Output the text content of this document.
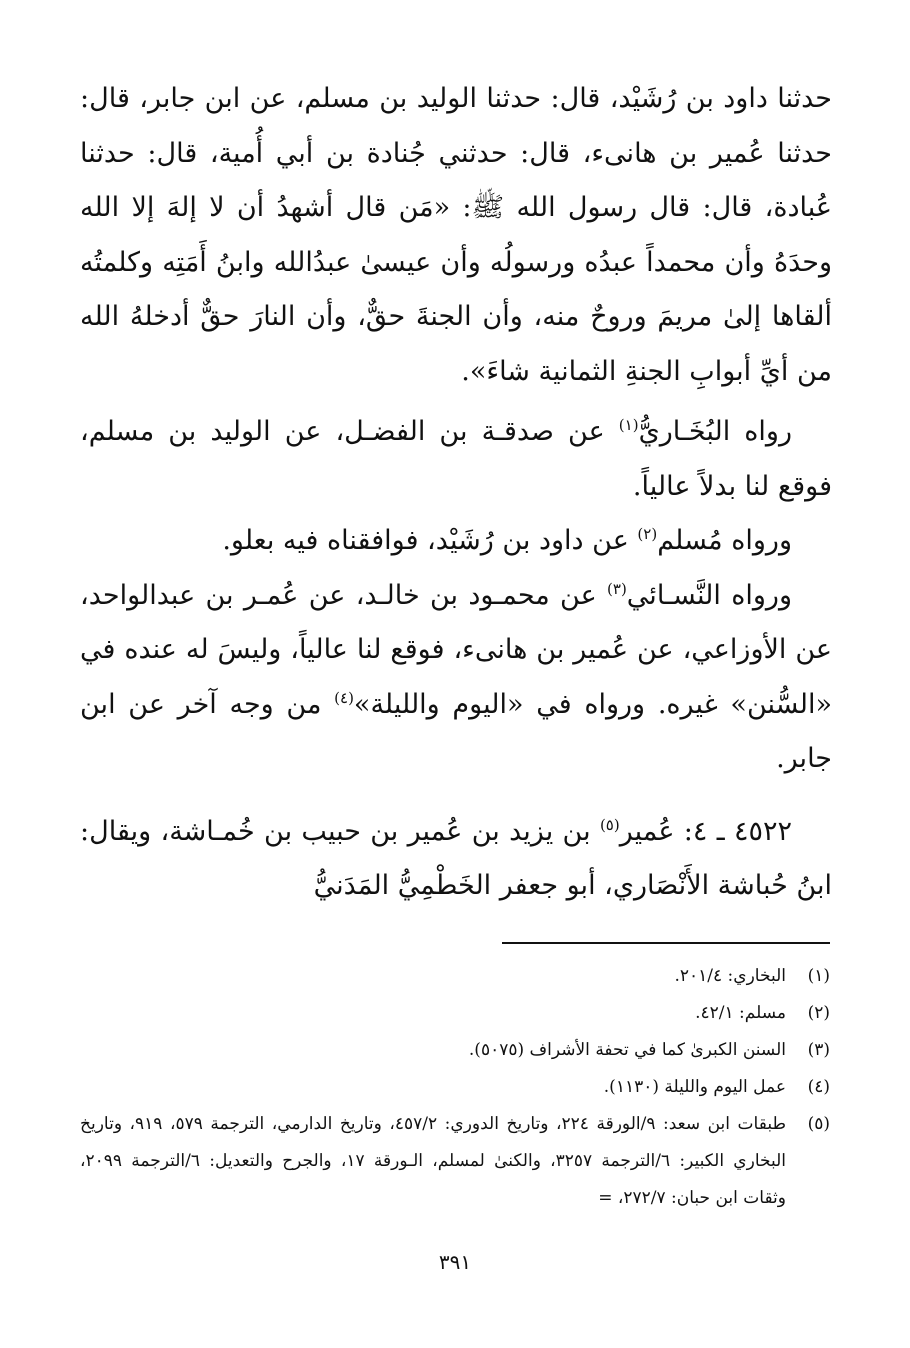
حدثنا داود بن رُشَيْد، قال: حدثنا الوليد بن مسلم، عن ابن جابر، قال: حدثنا عُمير بن هانىء، قال: حدثني جُنادة بن أبي أُمية، قال: حدثنا عُبادة، قال: قال رسول الله ﷺ: «مَن قال أشهدُ أن لا إلهَ إلا الله وحدَهُ وأن محمداً عبدُه ورسولُه وأن عيسىٰ عبدُالله وابنُ أَمَتِه وكلمتُه ألقاها إلىٰ مريمَ وروحٌ منه، وأن الجنةَ حقٌّ، وأن النارَ حقٌّ أدخلهُ الله من أيِّ أبوابِ الجنةِ الثمانية شاءَ».

رواه البُخَـاريُّ$^{(١)}$ عن صدقـة بن الفضـل، عن الوليد بن مسلم، فوقع لنا بدلاً عالياً.

ورواه مُسلم$^{(٢)}$ عن داود بن رُشَيْد، فوافقناه فيه بعلو.

ورواه النَّسـائي$^{(٣)}$ عن محمـود بن خالـد، عن عُمـر بن عبدالواحد، عن الأوزاعي، عن عُمير بن هانىء، فوقع لنا عالياً، وليسَ له عنده في «السُّنن» غيره. ورواه في «اليوم والليلة»$^{(٤)}$ من وجه آخر عن ابن جابر.

٤٥٢٢ ـ ٤: عُمير$^{(٥)}$ بن يزيد بن عُمير بن حبيب بن خُمـاشة، ويقال: ابنُ حُباشة الأَنْصَاري، أبو جعفر الخَطْمِيُّ المَدَنيُّ

(١)
البخاري: ٢٠١/٤.
(٢)
مسلم: ٤٢/١.
(٣)
السنن الكبرىٰ كما في تحفة الأشراف (٥٠٧٥).
(٤)
عمل اليوم والليلة (١١٣٠).
(٥)
طبقات ابن سعد: ٩/الورقة ٢٢٤، وتاريخ الدوري: ٤٥٧/٢، وتاريخ الدارمي، الترجمة ٥٧٩، ٩١٩، وتاريخ البخاري الكبير: ٦/الترجمة ٣٢٥٧، والكنىٰ لمسلم، الـورقة ١٧، والجرح والتعديل: ٦/الترجمة ٢٠٩٩، وثقات ابن حبان: ٢٧٢/٧، =
٣٩١
